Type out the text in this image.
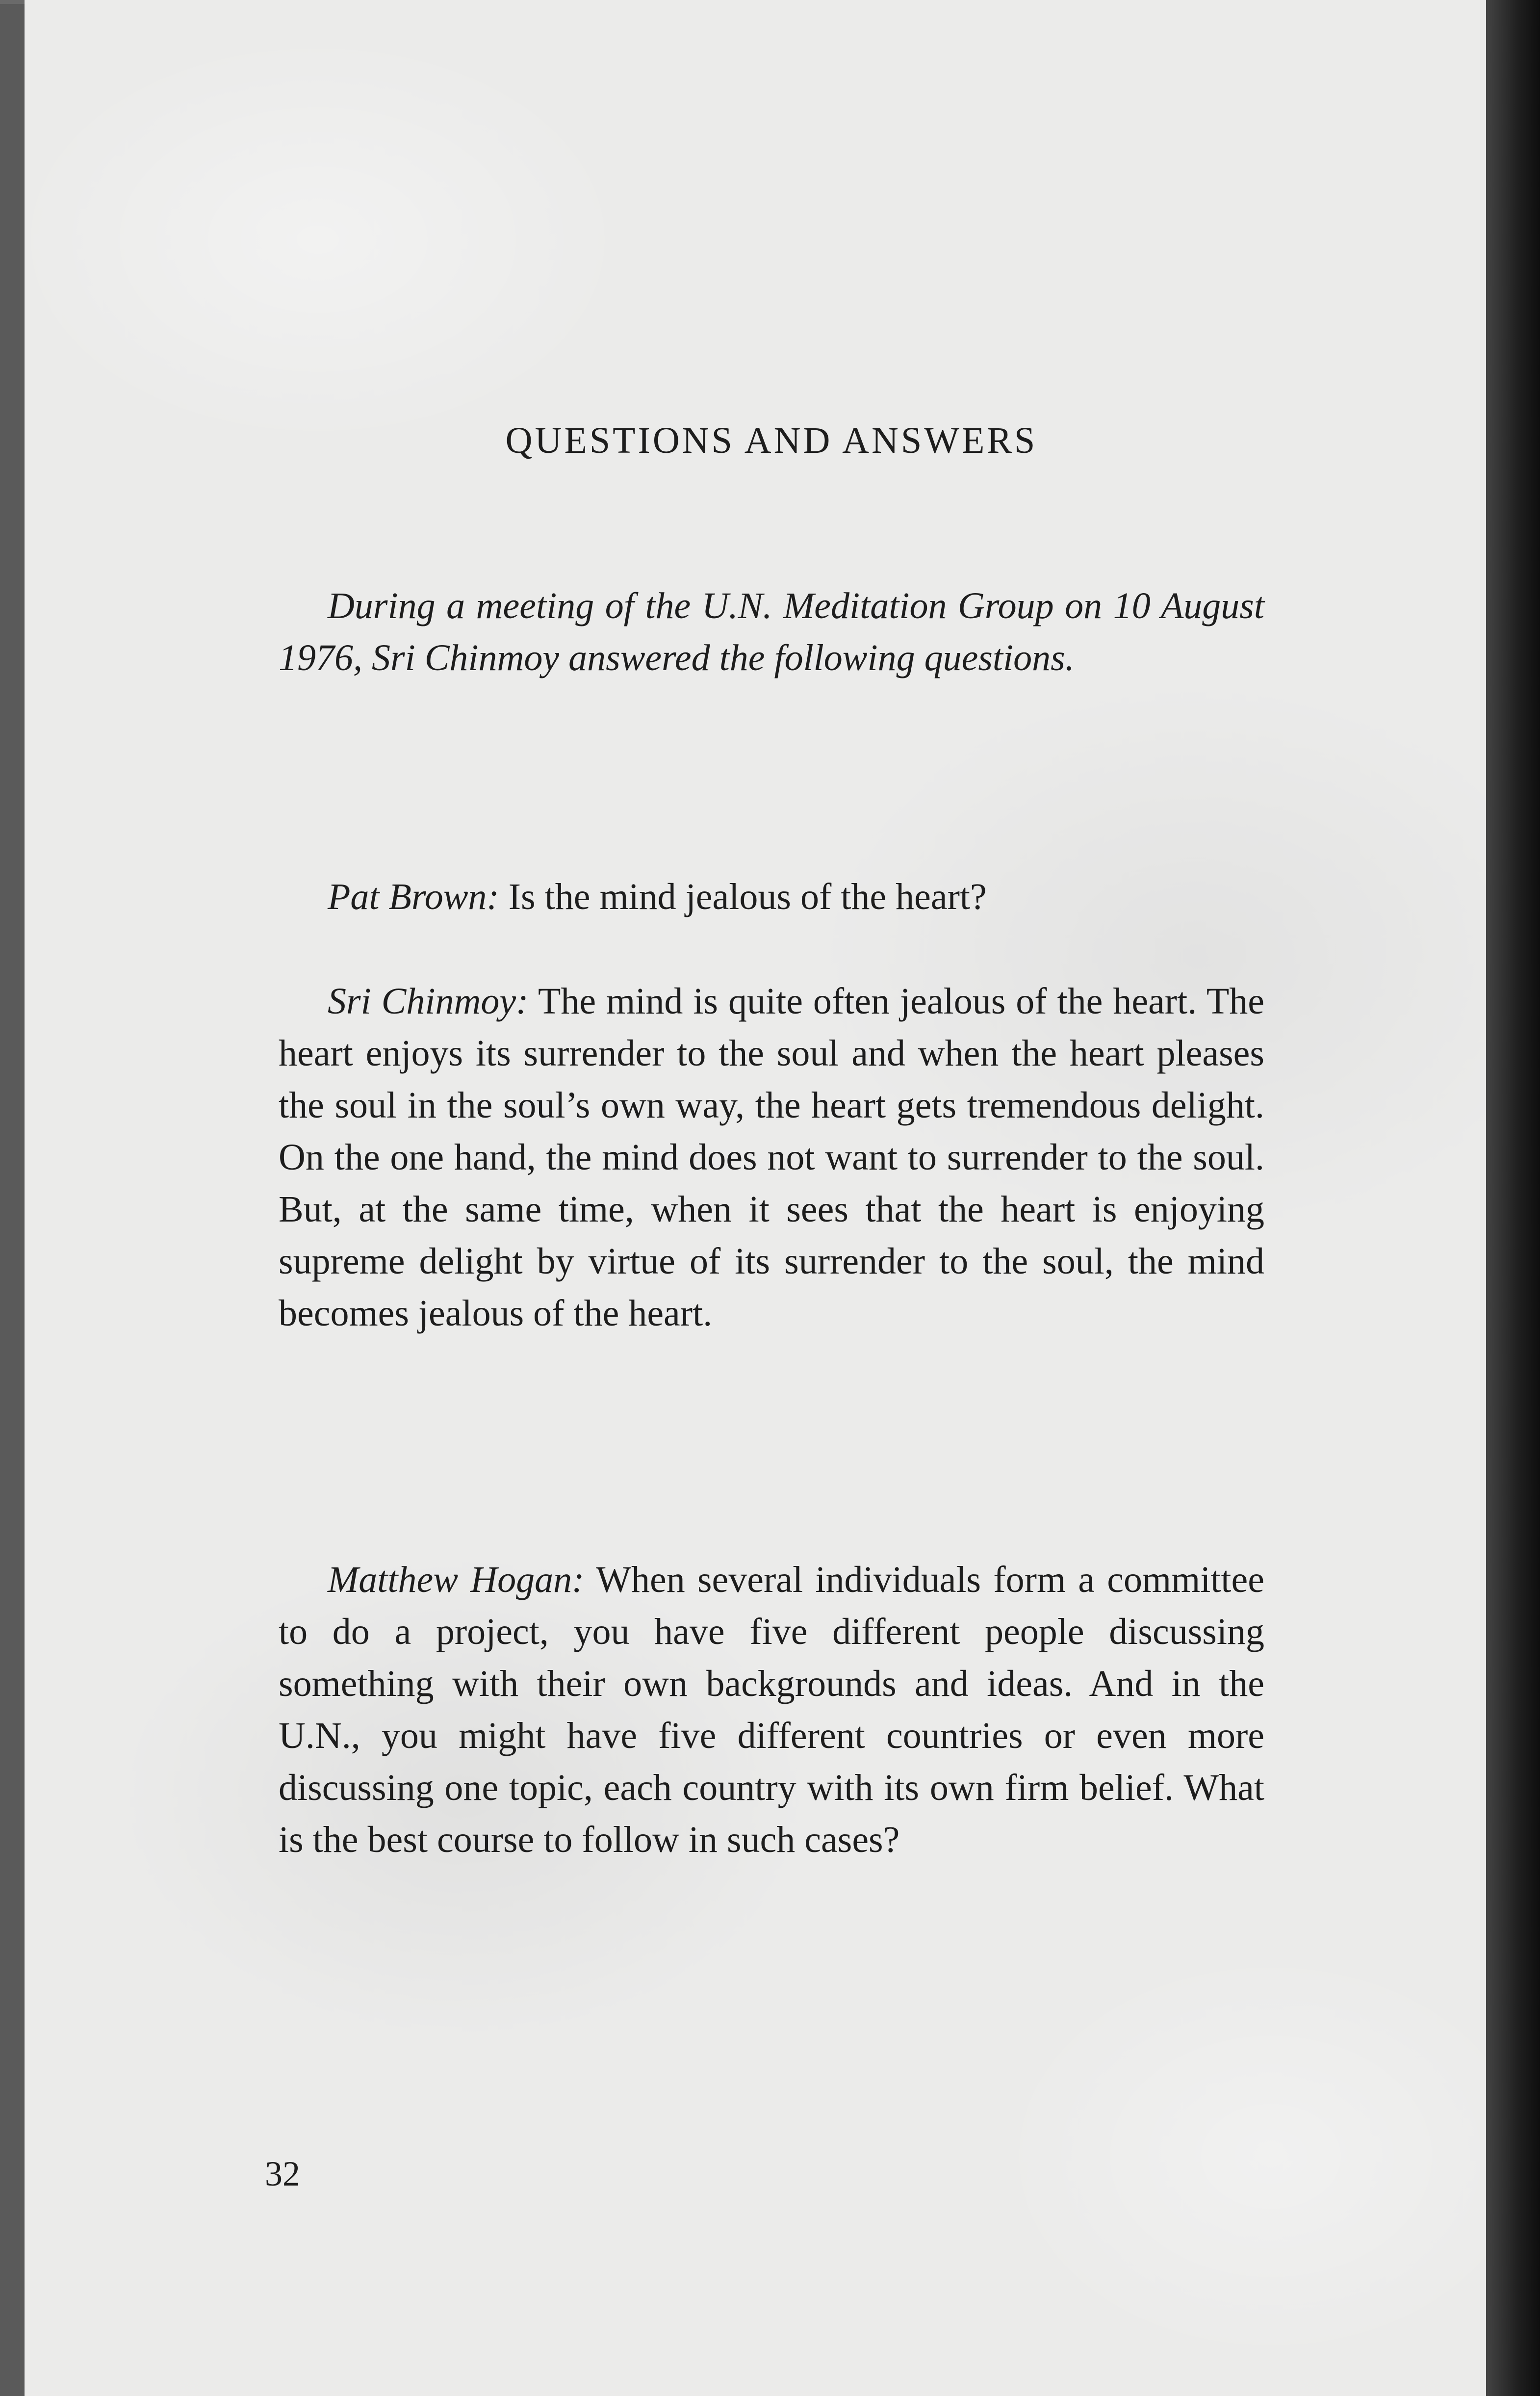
QUESTIONS AND ANSWERS

During a meeting of the U.N. Meditation Group on 10 August 1976, Sri Chinmoy answered the following questions.

Pat Brown: Is the mind jealous of the heart?

Sri Chinmoy: The mind is quite often jealous of the heart. The heart enjoys its surrender to the soul and when the heart pleases the soul in the soul’s own way, the heart gets tremendous delight. On the one hand, the mind does not want to surrender to the soul. But, at the same time, when it sees that the heart is enjoying supreme delight by virtue of its surrender to the soul, the mind becomes jealous of the heart.

Matthew Hogan: When several individuals form a committee to do a project, you have five different people discussing something with their own backgrounds and ideas. And in the U.N., you might have five different countries or even more discussing one topic, each country with its own firm belief. What is the best course to follow in such cases?

32
